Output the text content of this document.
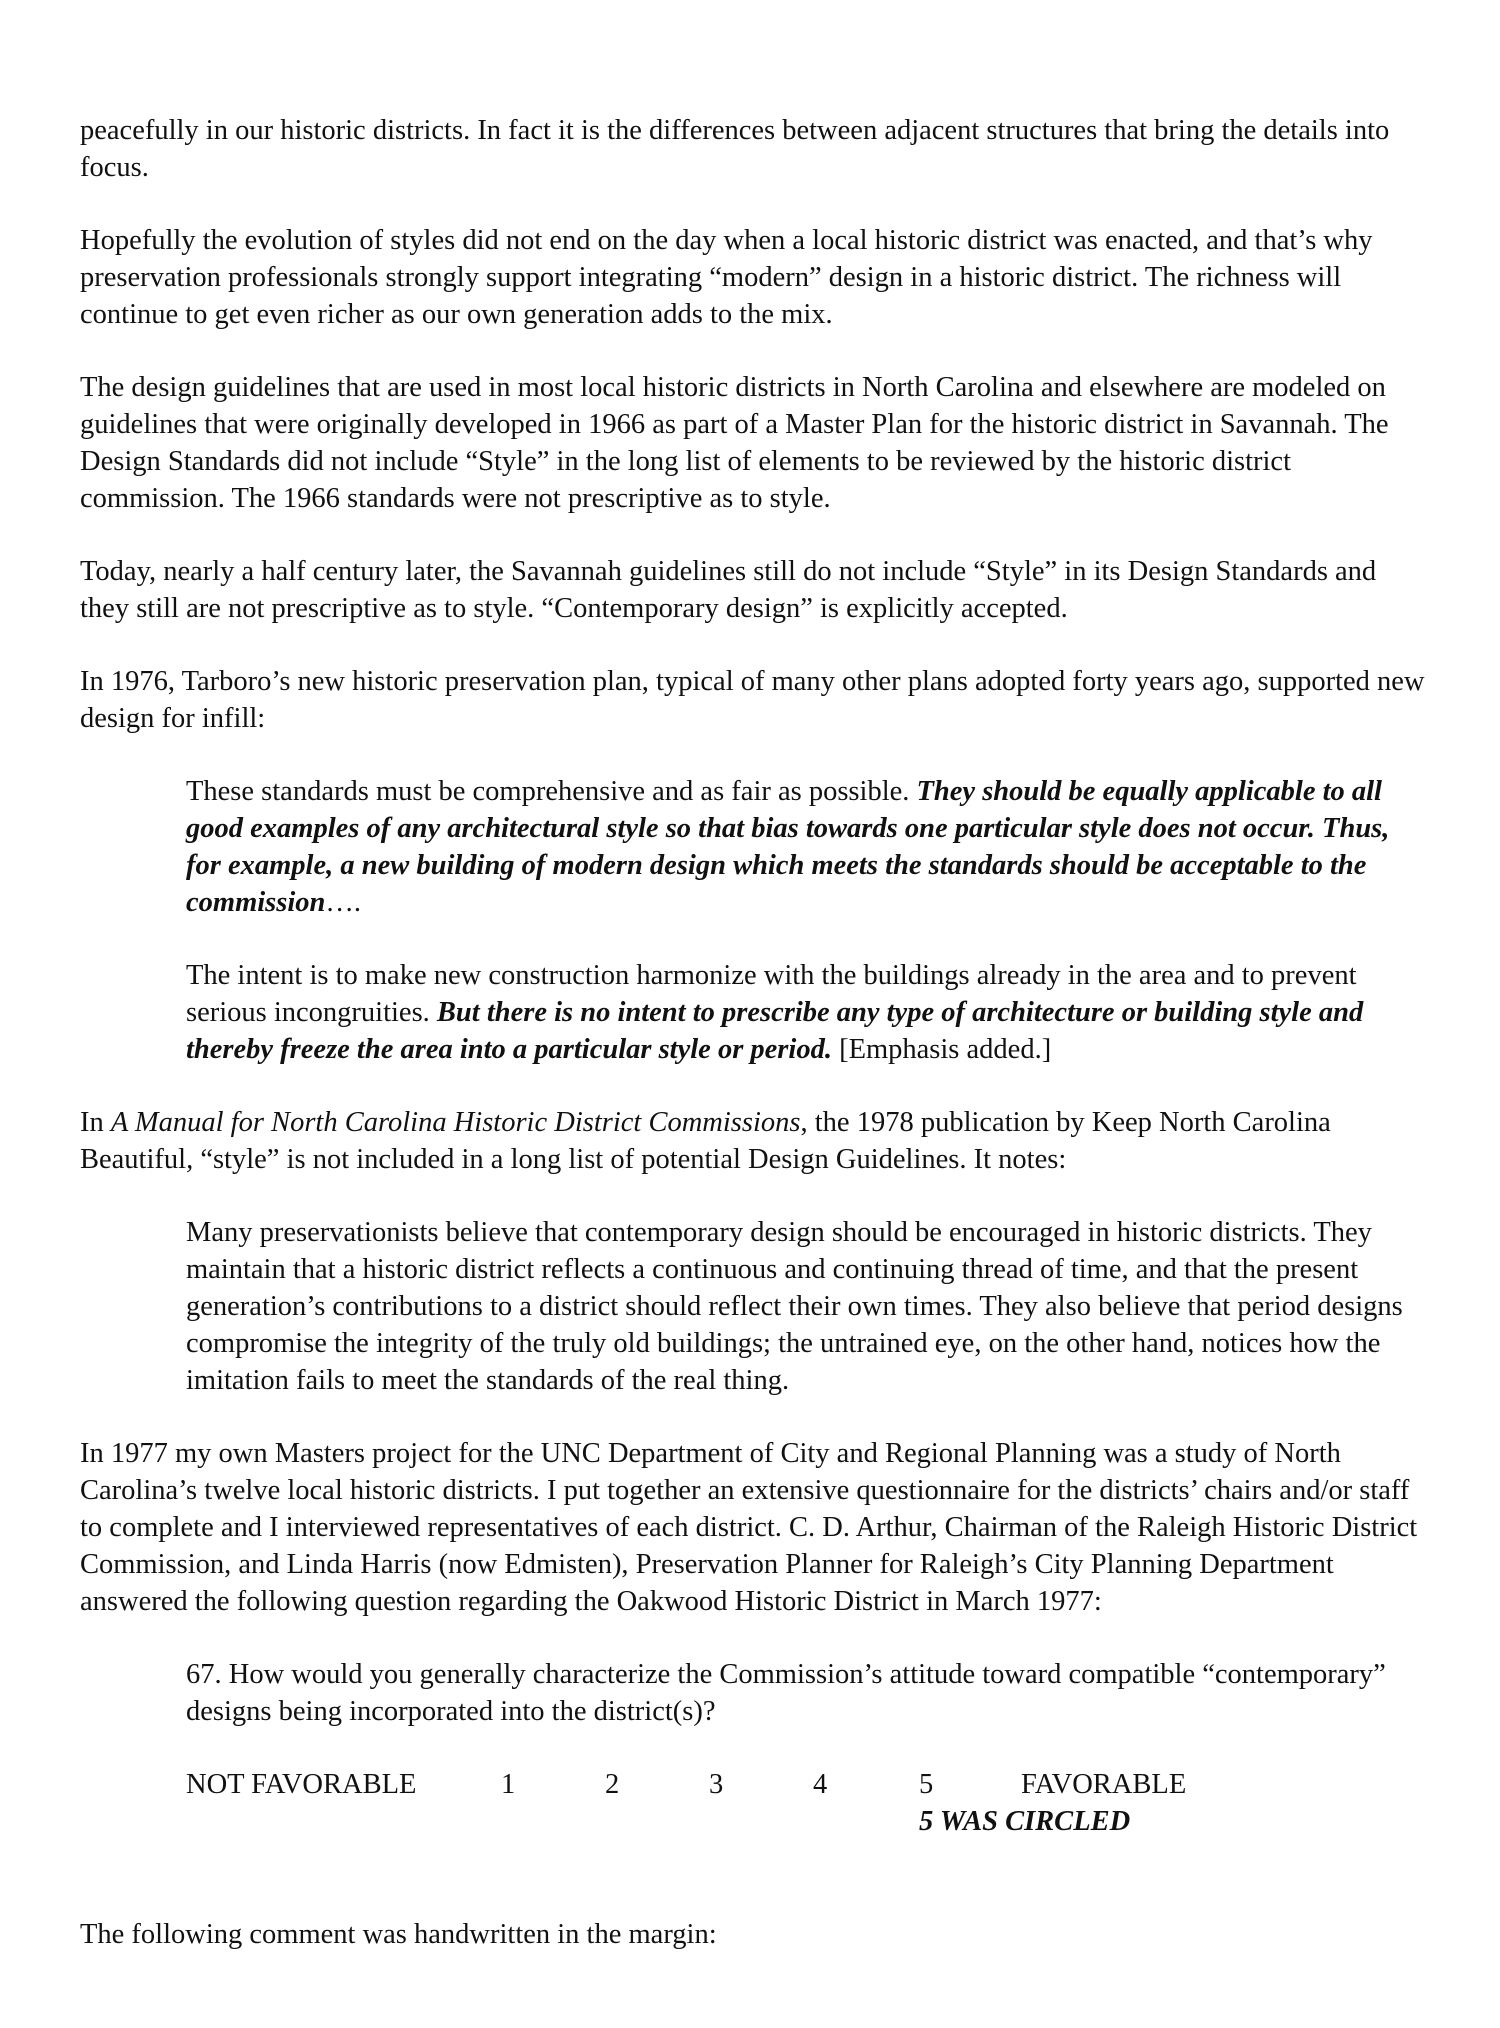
peacefully in our historic districts. In fact it is the differences between adjacent structures that bring the details into focus.

Hopefully the evolution of styles did not end on the day when a local historic district was enacted, and that’s why preservation professionals strongly support integrating “modern” design in a historic district. The richness will continue to get even richer as our own generation adds to the mix.

The design guidelines that are used in most local historic districts in North Carolina and elsewhere are modeled on guidelines that were originally developed in 1966 as part of a Master Plan for the historic district in Savannah. The Design Standards did not include “Style” in the long list of elements to be reviewed by the historic district commission. The 1966 standards were not prescriptive as to style.

Today, nearly a half century later, the Savannah guidelines still do not include “Style” in its Design Standards and they still are not prescriptive as to style. “Contemporary design” is explicitly accepted.

In 1976, Tarboro’s new historic preservation plan, typical of many other plans adopted forty years ago, supported new design for infill:

These standards must be comprehensive and as fair as possible. They should be equally applicable to all good examples of any architectural style so that bias towards one particular style does not occur. Thus, for example, a new building of modern design which meets the standards should be acceptable to the commission….

The intent is to make new construction harmonize with the buildings already in the area and to prevent serious incongruities. But there is no intent to prescribe any type of architecture or building style and thereby freeze the area into a particular style or period. [Emphasis added.]

In A Manual for North Carolina Historic District Commissions, the 1978 publication by Keep North Carolina Beautiful, “style” is not included in a long list of potential Design Guidelines. It notes:

Many preservationists believe that contemporary design should be encouraged in historic districts. They maintain that a historic district reflects a continuous and continuing thread of time, and that the present generation’s contributions to a district should reflect their own times. They also believe that period designs compromise the integrity of the truly old buildings; the untrained eye, on the other hand, notices how the imitation fails to meet the standards of the real thing.

In 1977 my own Masters project for the UNC Department of City and Regional Planning was a study of North Carolina’s twelve local historic districts. I put together an extensive questionnaire for the districts’ chairs and/or staff to complete and I interviewed representatives of each district. C. D. Arthur, Chairman of the Raleigh Historic District Commission, and Linda Harris (now Edmisten), Preservation Planner for Raleigh’s City Planning Department answered the following question regarding the Oakwood Historic District in March 1977:

67. How would you generally characterize the Commission’s attitude toward compatible “contemporary” designs being incorporated into the district(s)?

NOT FAVORABLE	1	2	3	4	5	FAVORABLE
5 WAS CIRCLED

The following comment was handwritten in the margin:
